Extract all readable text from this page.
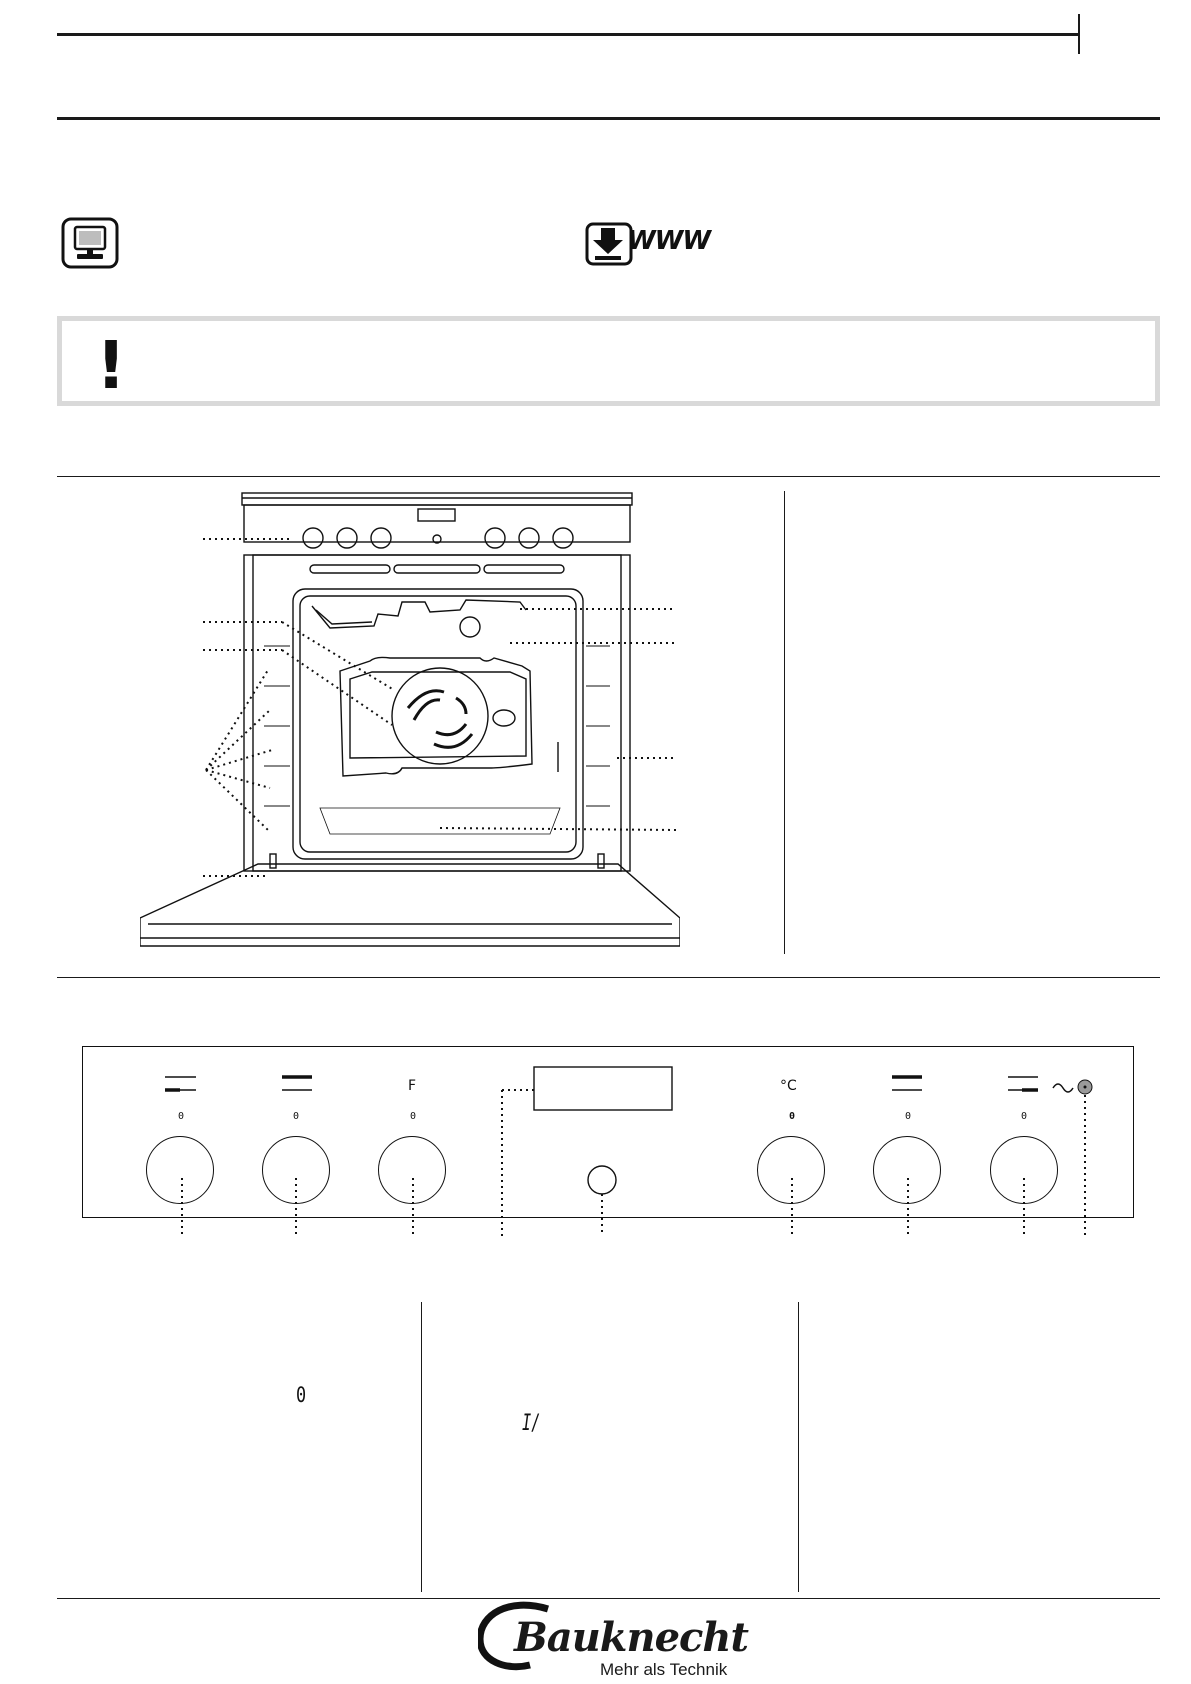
WWW
!
F	°C
0	0	0	0	0	0
0
I/
Bauknecht
Mehr als Technik
